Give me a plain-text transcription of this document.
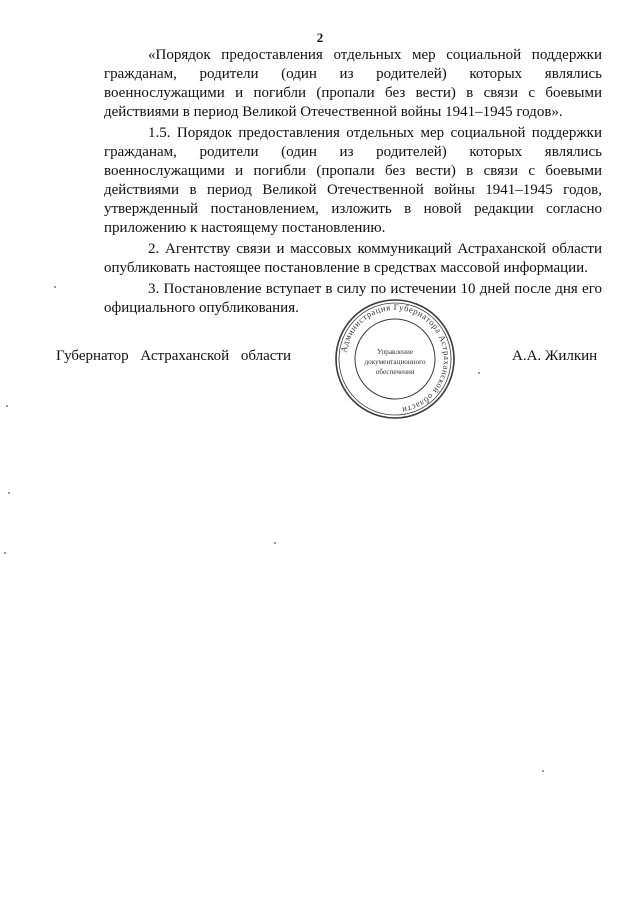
2

«Порядок предоставления отдельных мер социальной поддержки гражданам, родители (один из родителей) которых являлись военнослужащими и погибли (пропали без вести) в связи с боевыми действиями в период Великой Отечественной войны 1941–1945 годов».

1.5. Порядок предоставления отдельных мер социальной поддержки гражданам, родители (один из родителей) которых являлись военнослужащими и погибли (пропали без вести) в связи с боевыми действиями в период Великой Отечественной войны 1941–1945 годов, утвержденный постановлением, изложить в новой редакции согласно приложению к настоящему постановлению.

2. Агентству связи и массовых коммуникаций Астраханской области опубликовать настоящее постановление в средствах массовой информации.

3. Постановление вступает в силу по истечении 10 дней после дня его официального опубликования.

Губернатор Астраханской области	А.А. Жилкин
Администрация Губернатора Астраханской области
Управление
документационного
обеспечения
